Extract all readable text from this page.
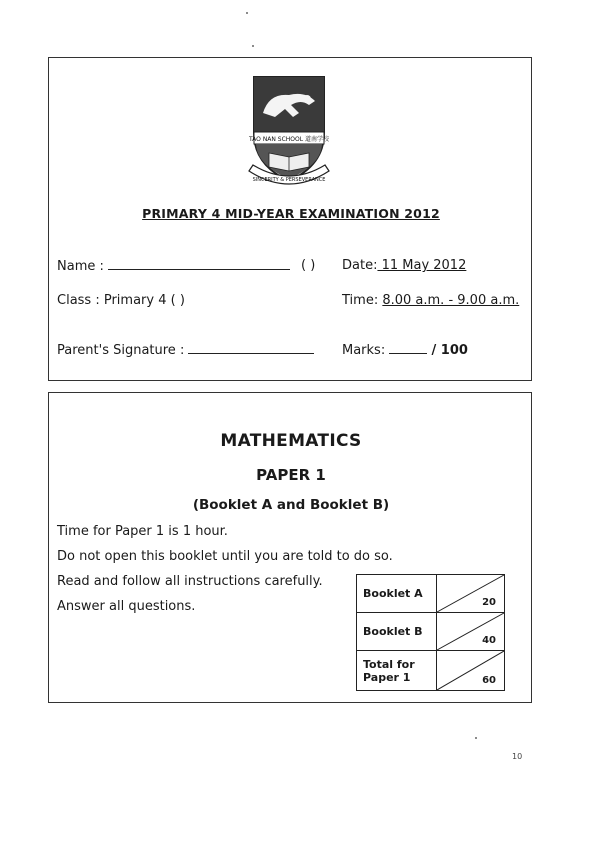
TAO NAN SCHOOL 道南学校
SINCERITY & PERSEVERANCE
PRIMARY 4 MID-YEAR EXAMINATION 2012
Name :	( ) Date: 11 May 2012
Class : Primary 4 ( )	Time: 8.00 a.m. - 9.00 a.m.
Parent's Signature :	Marks:	/ 100
MATHEMATICS
PAPER 1
(Booklet A and Booklet B)
Time for Paper 1 is 1 hour.
Do not open this booklet until you are told to do so.
Read and follow all instructions carefully.
Answer all questions.
Booklet A	20

Booklet B	40

Total for Paper 1	60
10
